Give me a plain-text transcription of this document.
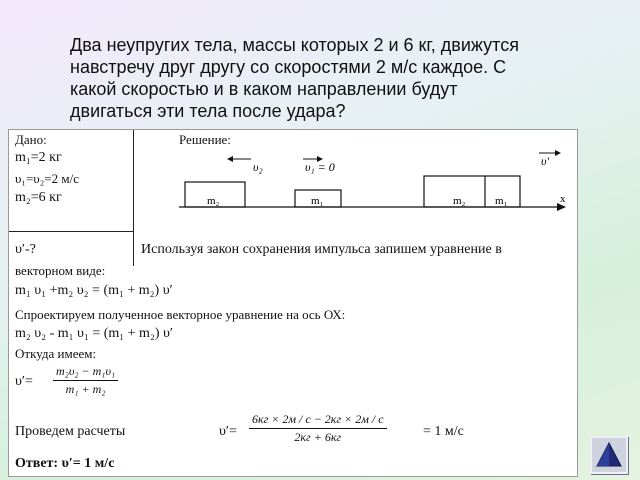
Два неупругих тела, массы которых 2 и 6 кг, движутся
навстречу друг другу со скоростями 2 м/с каждое. С
какой скоростью и в каком направлении будут
двигаться эти тела после удара?
Дано:
m₁=2 кг
υ₁=υ₂=2 м/с
m₂=6 кг
υ′-?
Решение:
υ₂	υ₁ = 0	υ′
m₂	m₁	m₂	m₁	x
Используя закон сохранения импульса запишем уравнение в
векторном виде:
m₁ υ₁ +m₂ υ₂ = (m₁ + m₂) υ′
Спроектируем полученное векторное уравнение на ось ОХ:
m₂ υ₂ - m₁ υ₁ = (m₁ + m₂) υ′
Откуда имеем:
$\upsilon'= \frac{\text{m₂υ₂ − m₁υ₁}}{\text{m₁ + m₂}}$
Проведем расчеты	υ′=
6кг × 2м / с − 2кг × 2м / с
2кг + 6кг	= 1 м/с
Ответ: υ′= 1 м/с
